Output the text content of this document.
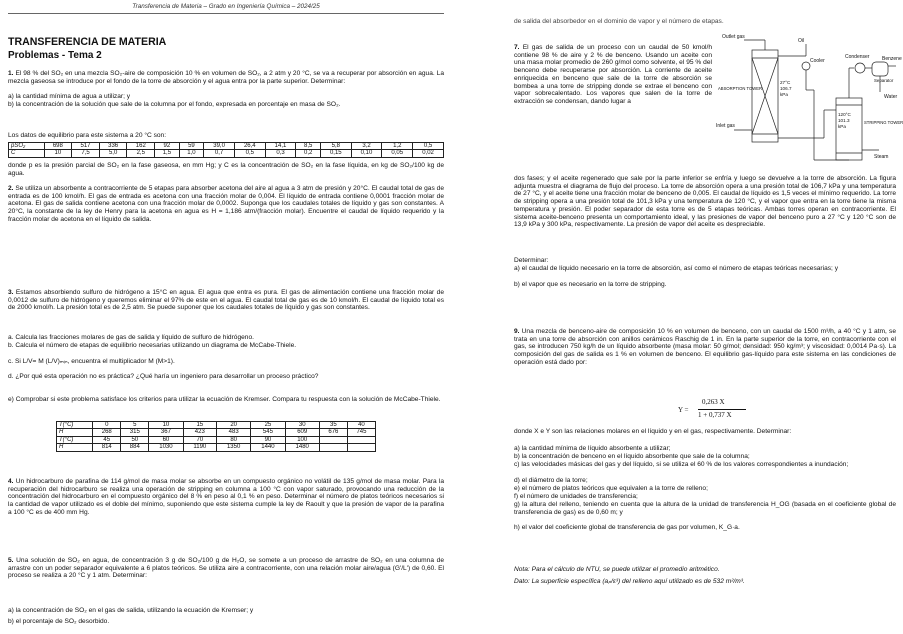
Transferencia de Materia – Grado en Ingeniería Química – 2024/25
TRANSFERENCIA DE MATERIA
Problemas - Tema 2
1. El 98 % del SO₂ en una mezcla SO₂-aire de composición 10 % en volumen de SO₂, a 2 atm y 20 °C, se va a recuperar por absorción en agua. La mezcla gaseosa se introduce por el fondo de la torre de absorción y el agua entra por la parte superior. Determinar:
a) la cantidad mínima de agua a utilizar; y
b) la concentración de la solución que sale de la columna por el fondo, expresada en porcentaje en masa de SO₂.
Los datos de equilibrio para este sistema a 20 °C son:
pSO₂	698	517	336	162	92	59	39,0	26,4	14,1	8,5	5,8	3,2	1,2	0,5
C	10	7,5	5,0	2,5	1,5	1,0	0,7	0,5	0,3	0,2	0,15	0,10	0,05	0,02
donde p es la presión parcial de SO₂ en la fase gaseosa, en mm Hg; y C es la concentración de SO₂ en la fase líquida, en kg de SO₂/100 kg de agua.
2. Se utiliza un absorbente a contracorriente de 5 etapas para absorber acetona del aire al agua a 3 atm de presión y 20°C. El caudal total de gas de entrada es de 100 kmol/h. El gas de entrada es acetona con una fracción molar de 0,004. El líquido de entrada contiene 0,0001 fracción molar de acetona. El gas de salida contiene acetona con una fracción molar de 0,0002. Suponga que los caudales totales de líquido y gas son constantes. A 20°C, la constante de la ley de Henry para la acetona en agua es H = 1,186 atm/(fracción molar). Encuentre el caudal de líquido requerido y la fracción molar de acetona en el líquido de salida.
3. Estamos absorbiendo sulfuro de hidrógeno a 15°C en agua. El agua que entra es pura. El gas de alimentación contiene una fracción molar de 0,0012 de sulfuro de hidrógeno y queremos eliminar el 97% de este en el agua. El caudal total de gas es de 10 kmol/h. El caudal de líquido total es de 2000 kmol/h. La presión total es de 2,5 atm. Se puede suponer que los caudales totales de líquido y gas son constantes.
a. Calcula las fracciones molares de gas de salida y líquido de sulfuro de hidrógeno.
b. Calcula el número de etapas de equilibrio necesarias utilizando un diagrama de McCabe-Thiele.
c. Si L/V= M (L/V)ₘᵢₙ, encuentra el multiplicador M (M>1).
d. ¿Por qué esta operación no es práctica? ¿Qué haría un ingeniero para desarrollar un proceso práctico?
e) Comprobar si este problema satisface los criterios para utilizar la ecuación de Kremser. Compara tu respuesta con la solución de McCabe-Thiele.
T(°C)	0	5	10	15	20	25	30	35	40
H	268	315	367	423	483	545	609	676	745
T(°C)	45	50	60	70	80	90	100		
H	814	884	1030	1190	1350	1440	1480		
4. Un hidrocarburo de parafina de 114 g/mol de masa molar se absorbe en un compuesto orgánico no volátil de 135 g/mol de masa molar. Para la recuperación del hidrocarburo se realiza una operación de stripping en columna a 100 °C con vapor saturado, provocando una reducción de la concentración del hidrocarburo en el compuesto orgánico del 8 % en peso al 0,1 % en peso. Determinar el número de platos teóricos necesarios si la cantidad de vapor utilizado es el doble del mínimo, suponiendo que este sistema cumple la ley de Raoult y que la presión de vapor de la parafina a 100 °C es de 400 mm Hg.
5. Una solución de SO₂ en agua, de concentración 3 g de SO₂/100 g de H₂O, se somete a un proceso de arrastre de SO₂ en una columna de arrastre con un poder separador equivalente a 6 platos teóricos. Se utiliza aire a contracorriente, con una relación molar aire/agua (G'/L') de 0,60. El proceso se realiza a 20 °C y 1 atm. Determinar:
a) la concentración de SO₂ en el gas de salida, utilizando la ecuación de Kremser; y
b) el porcentaje de SO₂ desorbido.
de salida del absorbedor en el dominio de vapor y el número de etapas.
7. El gas de salida de un proceso con un caudal de 50 kmol/h contiene 98 % de aire y 2 % de benceno. Usando un aceite con una masa molar promedio de 260 g/mol como solvente, el 95 % del benceno debe recuperarse por absorción. La corriente de aceite enriquecida en benceno que sale de la torre de absorción se bombea a una torre de stripping donde se extrae el benceno con vapor sobrecalentado. Los vapores que salen de la torre de extracción se condensan, dando lugar a
Oil
Outlet gas
Cooler
Condenser	Benzene
Separator
ABSORPTION TOWER
27°C
106.7
kPa	Water
120°C
101.3
kPa
STRIPPING TOWER
Inlet gas
Steam
dos fases; y el aceite regenerado que sale por la parte inferior se enfría y luego se devuelve a la torre de absorción. La figura adjunta muestra el diagrama de flujo del proceso. La torre de absorción opera a una presión total de 106,7 kPa y una temperatura de 27 °C, y el aceite tiene una fracción molar de benceno de 0,005. El caudal de líquido es 1,5 veces el mínimo requerido. La torre de stripping opera a una presión total de 101,3 kPa y una temperatura de 120 °C, y el vapor que entra en la torre tiene la misma temperatura y presión. El poder separador de esta torre es de 5 etapas teóricas. Ambas torres operan en contracorriente. El sistema aceite-benceno presenta un comportamiento ideal, y las presiones de vapor del benceno puro a 27 °C y 120 °C son de 13,9 kPa y 300 kPa, respectivamente. La presión de vapor del aceite es despreciable.
Determinar:
a) el caudal de líquido necesario en la torre de absorción, así como el número de etapas teóricas necesarias; y
b) el vapor que es necesario en la torre de stripping.
9. Una mezcla de benceno-aire de composición 10 % en volumen de benceno, con un caudal de 1500 m³/h, a 40 °C y 1 atm, se trata en una torre de absorción con anillos cerámicos Raschig de 1 in. En la parte superior de la torre, en contracorriente con el gas, se introducen 750 kg/h de un líquido absorbente (masa molar: 50 g/mol; densidad: 950 kg/m³; y viscosidad: 0,0014 Pa·s). La composición del gas de salida es 1 % en volumen de benceno. El equilibrio gas-líquido para este sistema en las condiciones de operación está dado por:
Y =
0,263 X
1 + 0,737 X
donde X e Y son las relaciones molares en el líquido y en el gas, respectivamente. Determinar:
a) la cantidad mínima de líquido absorbente a utilizar;
b) la concentración de benceno en el líquido absorbente que sale de la columna;
c) las velocidades másicas del gas y del líquido, si se utiliza el 60 % de los valores correspondientes a inundación;
d) el diámetro de la torre;
e) el número de platos teóricos que equivalen a la torre de relleno;
f) el número de unidades de transferencia;
g) la altura del relleno, teniendo en cuenta que la altura de la unidad de transferencia H_OG (basada en el coeficiente global de transferencia de gas) es de 0,60 m; y
h) el valor del coeficiente global de transferencia de gas por volumen, K_G·a.
Nota: Para el cálculo de NTU, se puede utilizar el promedio aritmético.
Dato: La superficie específica (aₚ/ε³) del relleno aquí utilizado es de 532 m²/m³.
